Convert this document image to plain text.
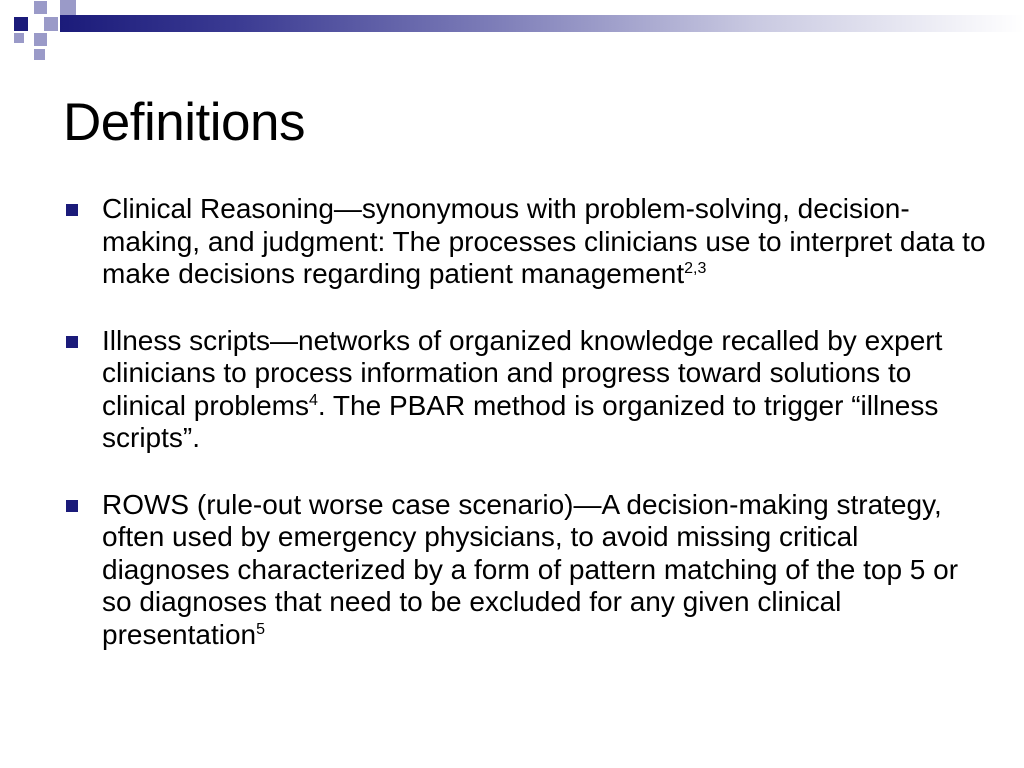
Definitions
Clinical Reasoning—synonymous with problem-solving, decision-making, and judgment: The processes clinicians use to interpret data to make decisions regarding patient management$^{2,3}$
Illness scripts—networks of organized knowledge recalled by expert clinicians to process information and progress toward solutions to clinical problems$^4$. The PBAR method is organized to trigger “illness scripts”.
ROWS (rule-out worse case scenario)—A decision-making strategy, often used by emergency physicians, to avoid missing critical diagnoses characterized by a form of pattern matching of the top 5 or so diagnoses that need to be excluded for any given clinical presentation$^5$
